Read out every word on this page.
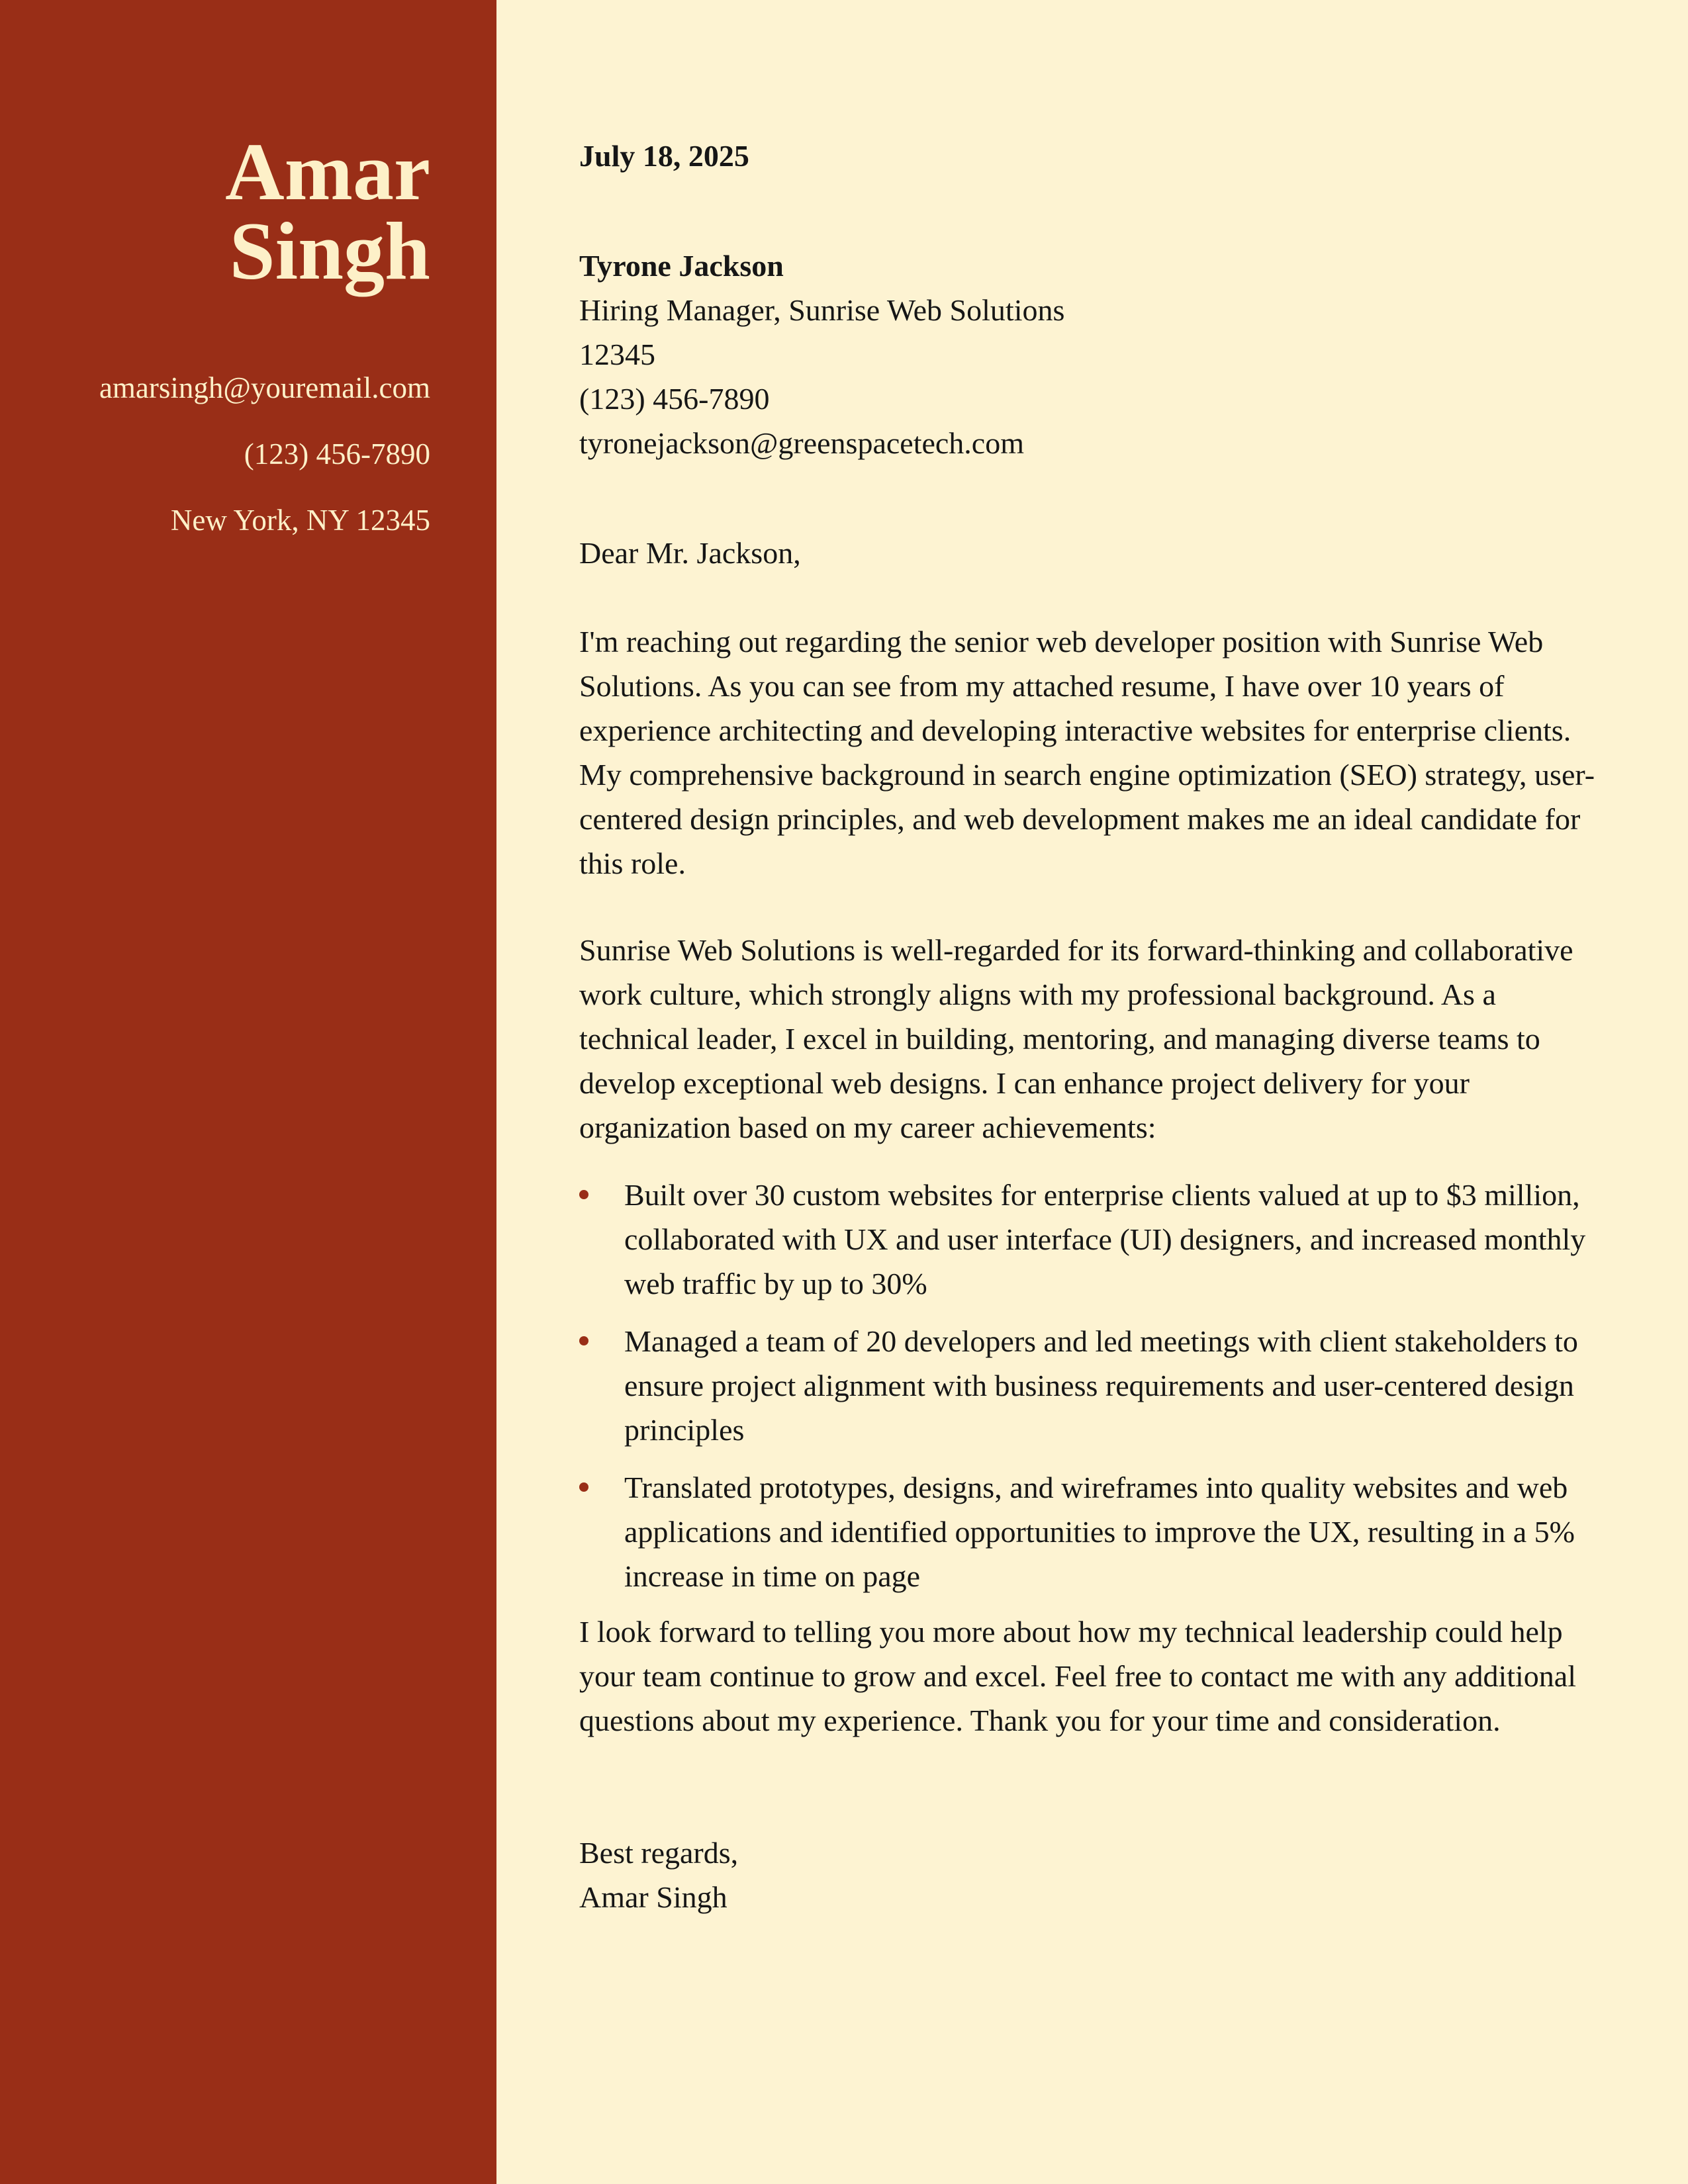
Amar
Singh
amarsingh@youremail.com
(123) 456-7890
New York, NY 12345
July 18, 2025
Tyrone Jackson
Hiring Manager, Sunrise Web Solutions
12345
(123) 456-7890
tyronejackson@greenspacetech.com
Dear Mr. Jackson,

I'm reaching out regarding the senior web developer position with Sunrise Web Solutions. As you can see from my attached resume, I have over 10 years of experience architecting and developing interactive websites for enterprise clients. My comprehensive background in search engine optimization (SEO) strategy, user-centered design principles, and web development makes me an ideal candidate for this role.

Sunrise Web Solutions is well-regarded for its forward-thinking and collaborative work culture, which strongly aligns with my professional background. As a technical leader, I excel in building, mentoring, and managing diverse teams to develop exceptional web designs. I can enhance project delivery for your organization based on my career achievements:

Built over 30 custom websites for enterprise clients valued at up to $3 million, collaborated with UX and user interface (UI) designers, and increased monthly web traffic by up to 30%
Managed a team of 20 developers and led meetings with client stakeholders to ensure project alignment with business requirements and user-centered design principles
Translated prototypes, designs, and wireframes into quality websites and web applications and identified opportunities to improve the UX, resulting in a 5% increase in time on page

I look forward to telling you more about how my technical leadership could help your team continue to grow and excel. Feel free to contact me with any additional questions about my experience. Thank you for your time and consideration.

Best regards,
Amar Singh
